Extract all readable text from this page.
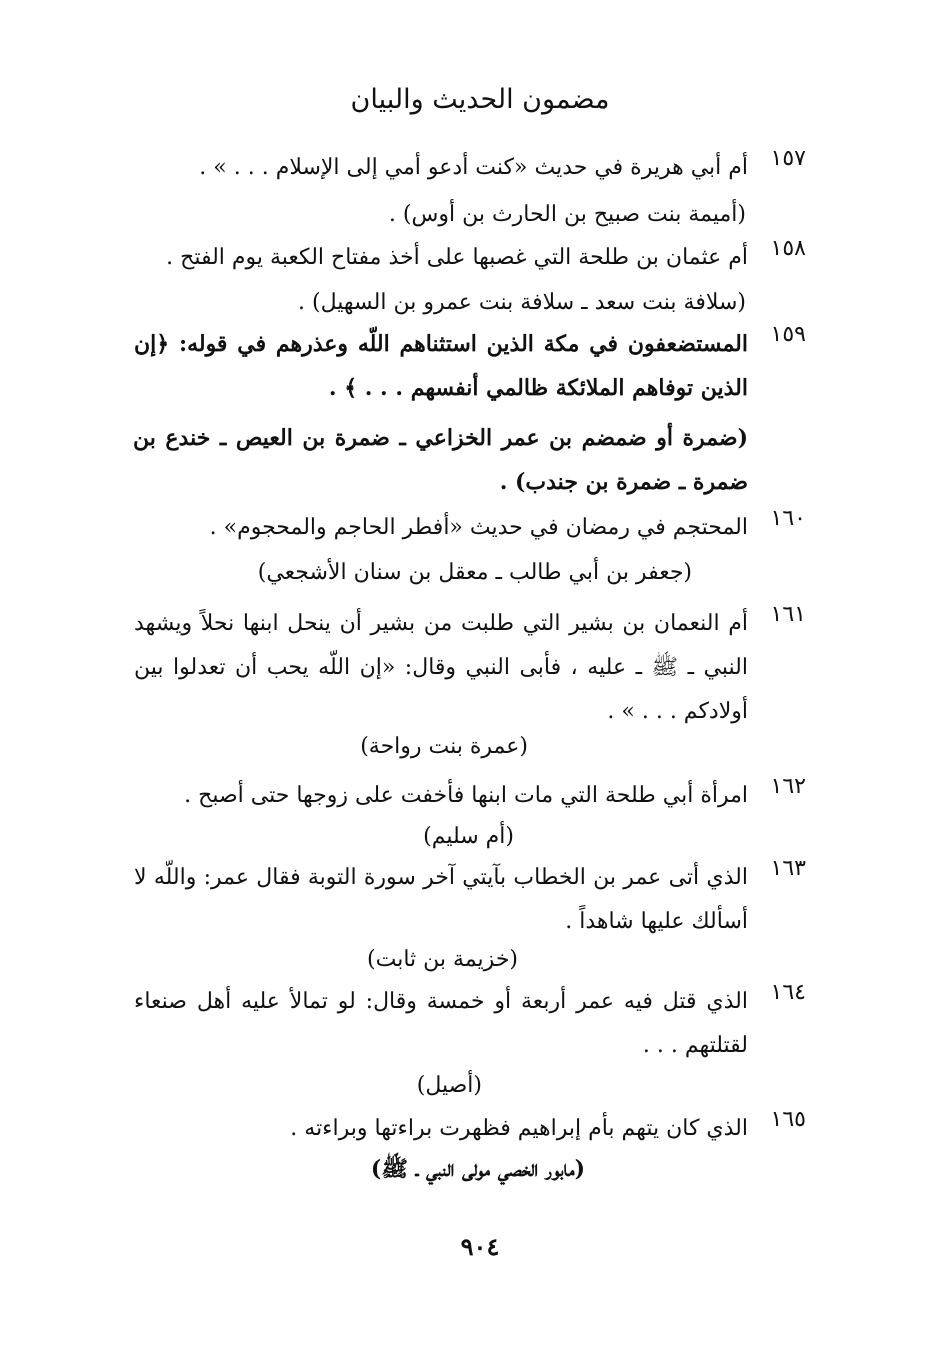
مضمون الحديث والبيان
١٥٧
أم أبي هريرة في حديث «كنت أدعو أمي إلى الإسلام . . . » .
(أميمة بنت صبيح بن الحارث بن أوس) .
١٥٨
أم عثمان بن طلحة التي غصبها على أخذ مفتاح الكعبة يوم الفتح .
(سلافة بنت سعد ـ سلافة بنت عمرو بن السهيل) .
١٥٩
المستضعفون في مكة الذين استثناهم اللّه وعذرهم في قوله: ﴿إن الذين توفاهم الملائكة ظالمي أنفسهم . . . ﴾ .
(ضمرة أو ضمضم بن عمر الخزاعي ـ ضمرة بن العيص ـ خندع بن ضمرة ـ ضمرة بن جندب) .
١٦٠
المحتجم في رمضان في حديث «أفطر الحاجم والمحجوم» .
(جعفر بن أبي طالب ـ معقل بن سنان الأشجعي)
١٦١
أم النعمان بن بشير التي طلبت من بشير أن ينحل ابنها نحلاً ويشهد النبي ـ ﷺ ـ عليه ، فأبى النبي وقال: «إن اللّه يحب أن تعدلوا بين أولادكم . . . » .
(عمرة بنت رواحة)
١٦٢
امرأة أبي طلحة التي مات ابنها فأخفت على زوجها حتى أصبح .
(أم سليم)
١٦٣
الذي أتى عمر بن الخطاب بآيتي آخر سورة التوبة فقال عمر: واللّه لا أسألك عليها شاهداً .
(خزيمة بن ثابت)
١٦٤
الذي قتل فيه عمر أربعة أو خمسة وقال: لو تمالأ عليه أهل صنعاء لقتلتهم . . .
(أصيل)
١٦٥
الذي كان يتهم بأم إبراهيم فظهرت براءتها وبراءته .
(مابور الخصي مولى النبي ـ ﷺ)
٩٠٤
